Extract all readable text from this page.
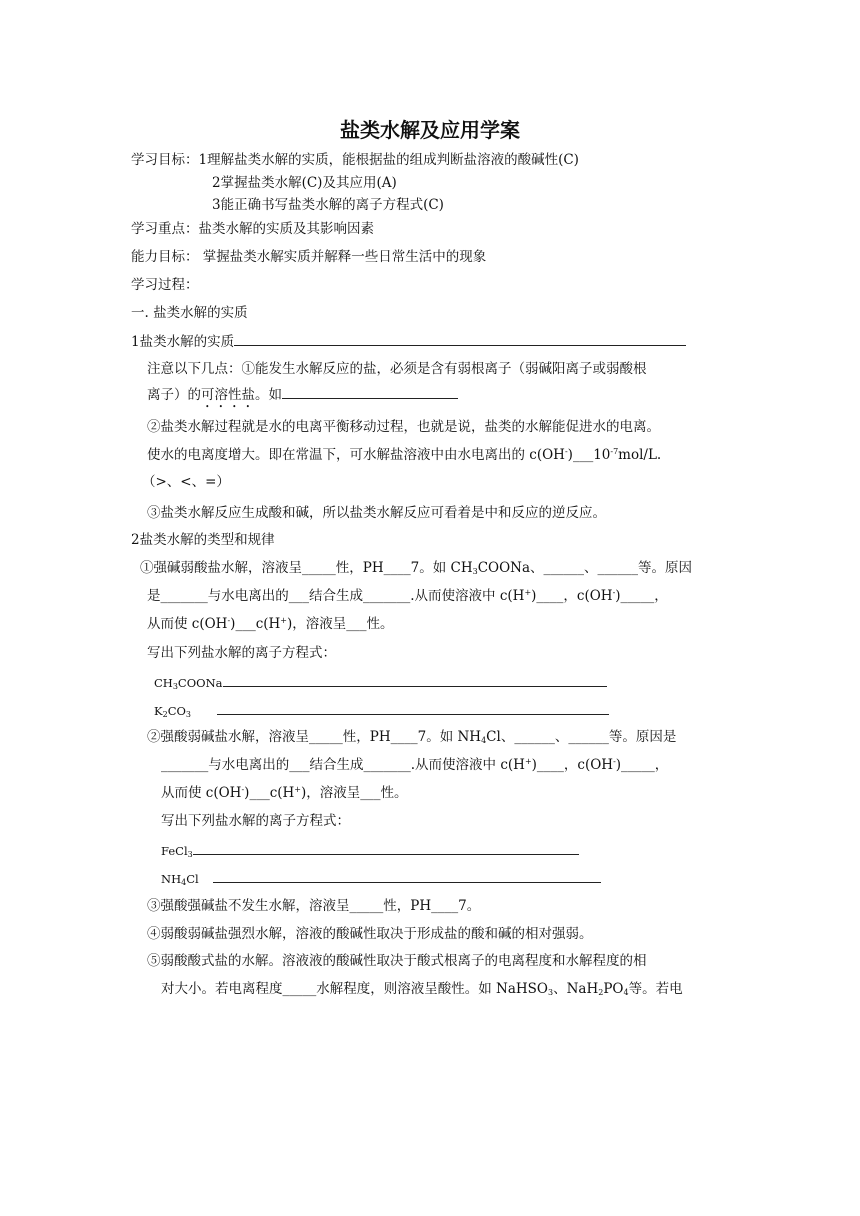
盐类水解及应用学案
学习目标：1理解盐类水解的实质，能根据盐的组成判断盐溶液的酸碱性(C)
2掌握盐类水解(C)及其应用(A)
3能正确书写盐类水解的离子方程式(C)
学习重点：盐类水解的实质及其影响因素
能力目标： 掌握盐类水解实质并解释一些日常生活中的现象
学习过程：
一. 盐类水解的实质
1盐类水解的实质
注意以下几点：①能发生水解反应的盐，必须是含有弱根离子（弱碱阳离子或弱酸根
离子）的可溶性盐。如
②盐类水解过程就是水的电离平衡移动过程，也就是说，盐类的水解能促进水的电离。
使水的电离度增大。即在常温下，可水解盐溶液中由水电离出的 $c(OH^-)\_\_\_10^{-7}mol/L$.
（>、<、=）
③盐类水解反应生成酸和碱，所以盐类水解反应可看着是中和反应的逆反应。
2盐类水解的类型和规律
①强碱弱酸盐水解，溶液呈_____性，PH____7。如 $CH_3COONa$、______、______等。原因
是_______与水电离出的___结合生成_______.从而使溶液中 c(H+)____，c(OH-)_____，
从而使 c(OH-)___c(H+)，溶液呈___性。
写出下列盐水解的离子方程式：
$CH_3COONa$
$K_2CO_3$
②强酸弱碱盐水解，溶液呈_____性，PH____7。如 $NH_4Cl$、______、______等。原因是
_______与水电离出的___结合生成_______.从而使溶液中 c(H+)____，c(OH-)_____，
从而使 c(OH-)___c(H+)，溶液呈___性。
写出下列盐水解的离子方程式：
FeCl$_3$
$NH_4Cl$
③强酸强碱盐不发生水解，溶液呈_____性，PH____7。
④弱酸弱碱盐强烈水解，溶液的酸碱性取决于形成盐的酸和碱的相对强弱。
⑤弱酸酸式盐的水解。溶液液的酸碱性取决于酸式根离子的电离程度和水解程度的相
对大小。若电离程度_____水解程度，则溶液呈酸性。如 NaHSO$_3$、$NaH_2PO_4$等。若电
